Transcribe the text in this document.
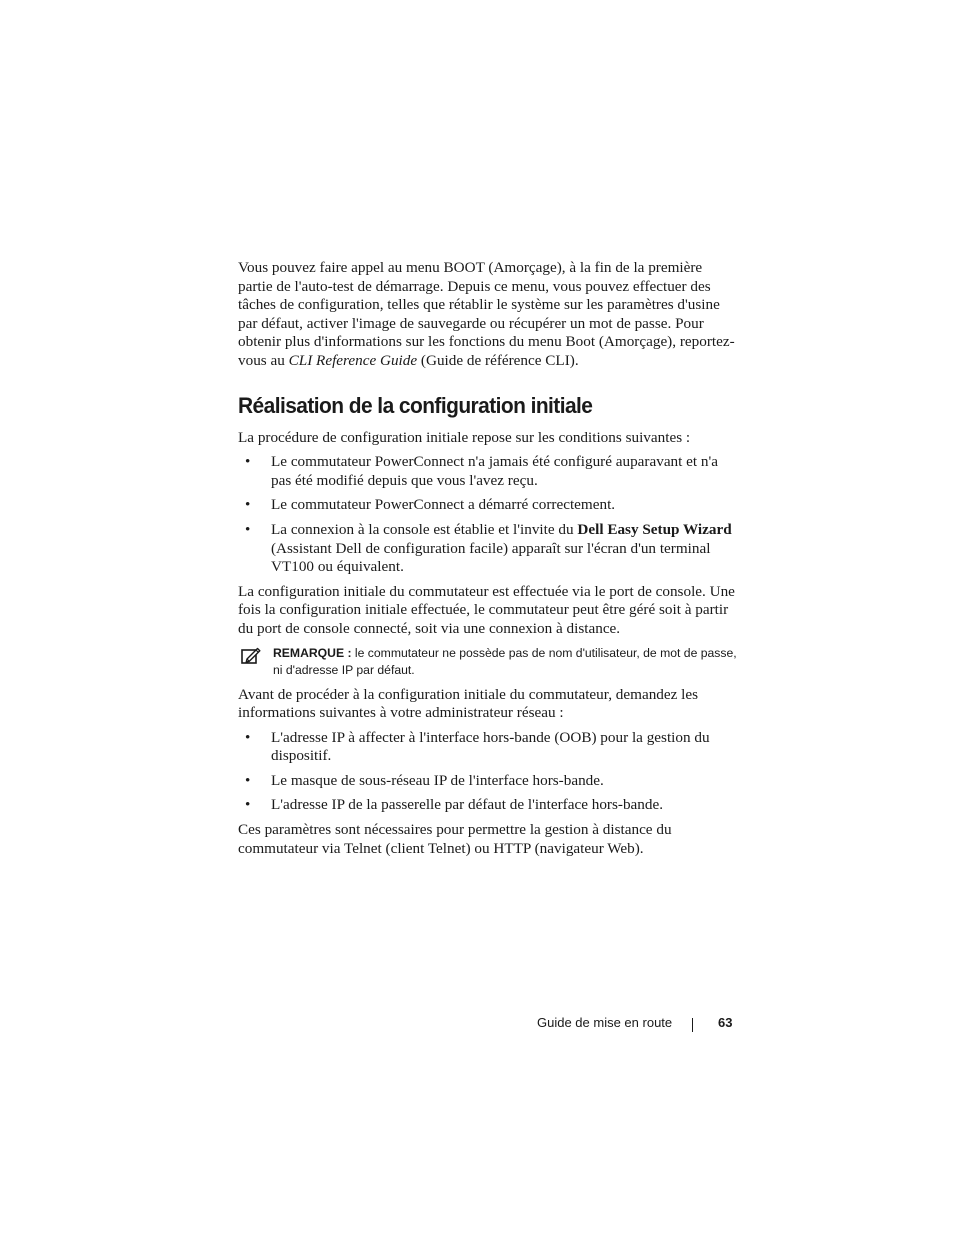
Vous pouvez faire appel au menu BOOT (Amorçage), à la fin de la première partie de l'auto-test de démarrage. Depuis ce menu, vous pouvez effectuer des tâches de configuration, telles que rétablir le système sur les paramètres d'usine par défaut, activer l'image de sauvegarde ou récupérer un mot de passe. Pour obtenir plus d'informations sur les fonctions du menu Boot (Amorçage), reportez-vous au CLI Reference Guide (Guide de référence CLI).

Réalisation de la configuration initiale

La procédure de configuration initiale repose sur les conditions suivantes :

• Le commutateur PowerConnect n'a jamais été configuré auparavant et n'a pas été modifié depuis que vous l'avez reçu.
• Le commutateur PowerConnect a démarré correctement.
• La connexion à la console est établie et l'invite du Dell Easy Setup Wizard (Assistant Dell de configuration facile) apparaît sur l'écran d'un terminal VT100 ou équivalent.

La configuration initiale du commutateur est effectuée via le port de console. Une fois la configuration initiale effectuée, le commutateur peut être géré soit à partir du port de console connecté, soit via une connexion à distance.

REMARQUE : le commutateur ne possède pas de nom d'utilisateur, de mot de passe, ni d'adresse IP par défaut.

Avant de procéder à la configuration initiale du commutateur, demandez les informations suivantes à votre administrateur réseau :

• L'adresse IP à affecter à l'interface hors-bande (OOB) pour la gestion du dispositif.
• Le masque de sous-réseau IP de l'interface hors-bande.
• L'adresse IP de la passerelle par défaut de l'interface hors-bande.

Ces paramètres sont nécessaires pour permettre la gestion à distance du commutateur via Telnet (client Telnet) ou HTTP (navigateur Web).

Guide de mise en route	63
